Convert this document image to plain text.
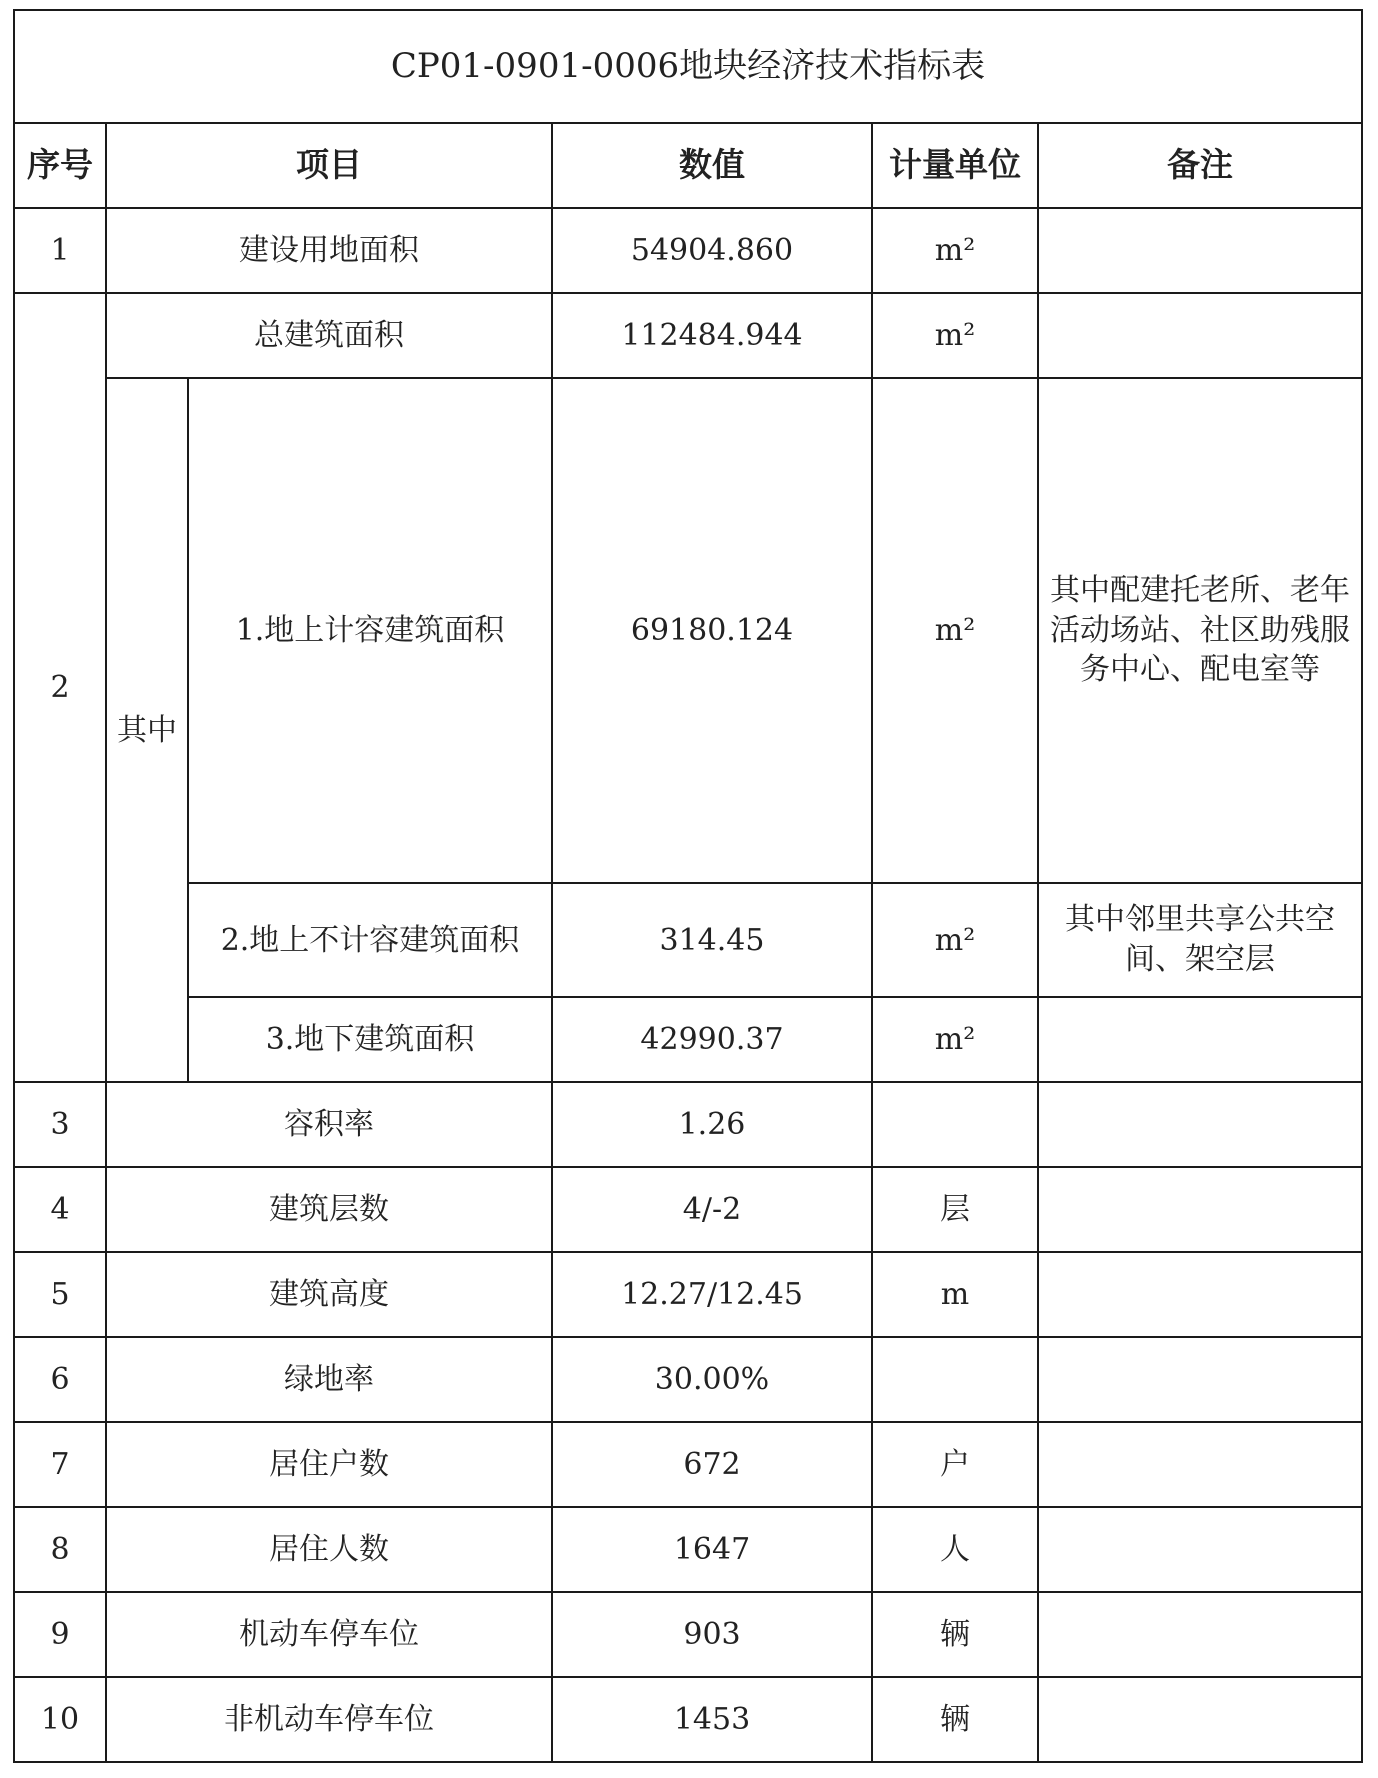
CP01-0901-0006地块经济技术指标表					
序号	项目		数值	计量单位	备注
1	建设用地面积		54904.860	m²	
2	总建筑面积		112484.944	m²	
	其中	1.地上计容建筑面积	69180.124	m²	其中配建托老所、老年活动场站、社区助残服务中心、配电室等
		2.地上不计容建筑面积	314.45	m²	其中邻里共享公共空间、架空层
		3.地下建筑面积	42990.37	m²	
3	容积率		1.26		
4	建筑层数		4/-2	层	
5	建筑高度		12.27/12.45	m	
6	绿地率		30.00%		
7	居住户数		672	户	
8	居住人数		1647	人	
9	机动车停车位		903	辆	
10	非机动车停车位		1453	辆	
